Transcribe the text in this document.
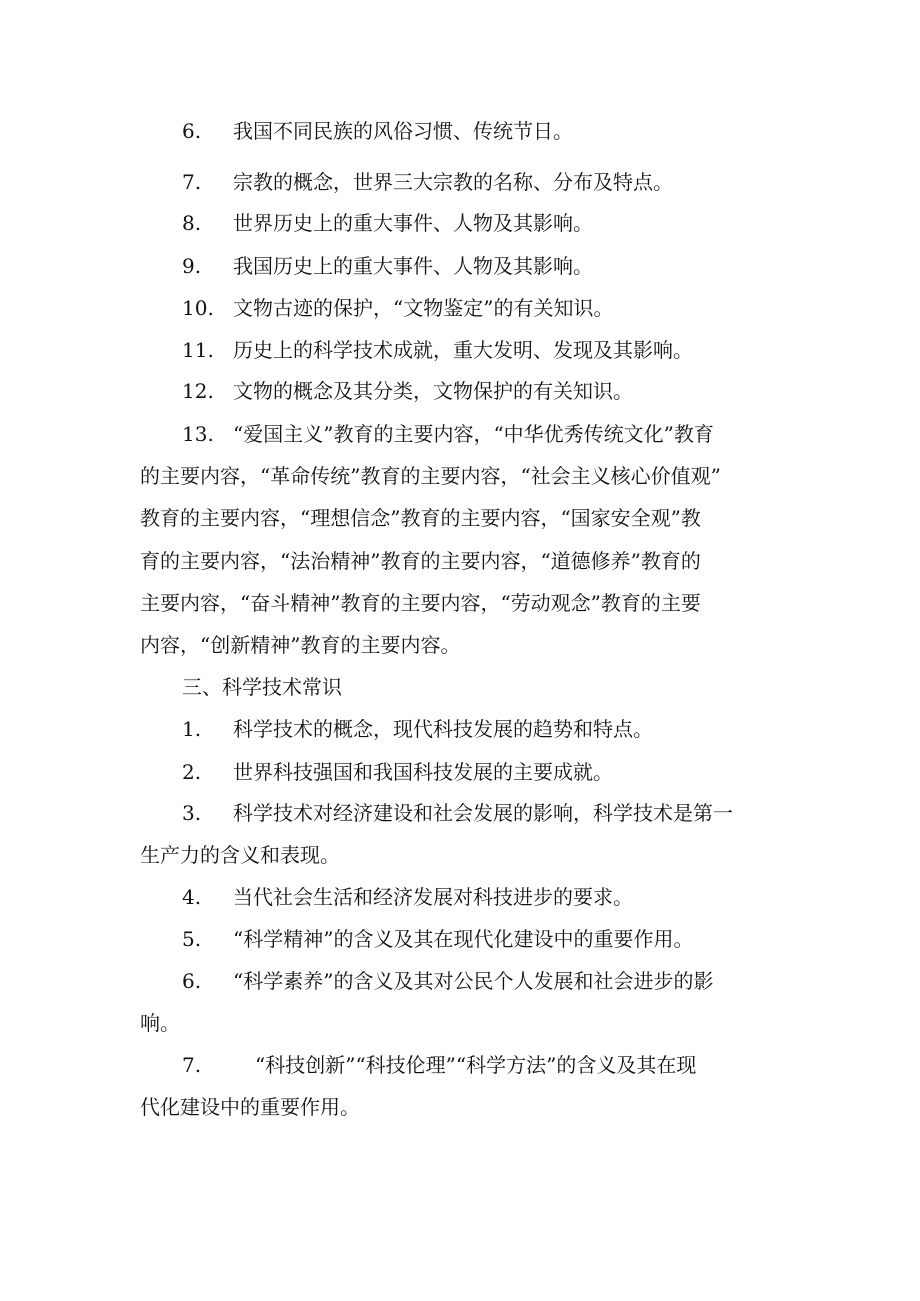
6. 我国不同民族的风俗习惯、传统节日。
7. 宗教的概念，世界三大宗教的名称、分布及特点。
8. 世界历史上的重大事件、人物及其影响。
9. 我国历史上的重大事件、人物及其影响。
10. 文物古迹的保护，“文物鉴定”的有关知识。
11. 历史上的科学技术成就，重大发明、发现及其影响。
12. 文物的概念及其分类，文物保护的有关知识。
13. “爱国主义”教育的主要内容，“中华优秀传统文化”教育
的主要内容，“革命传统”教育的主要内容，“社会主义核心价值观”
教育的主要内容，“理想信念”教育的主要内容，“国家安全观”教
育的主要内容，“法治精神”教育的主要内容，“道德修养”教育的
主要内容，“奋斗精神”教育的主要内容，“劳动观念”教育的主要
内容，“创新精神”教育的主要内容。
三、科学技术常识
1. 科学技术的概念，现代科技发展的趋势和特点。
2. 世界科技强国和我国科技发展的主要成就。
3. 科学技术对经济建设和社会发展的影响，科学技术是第一
生产力的含义和表现。
4. 当代社会生活和经济发展对科技进步的要求。
5. “科学精神”的含义及其在现代化建设中的重要作用。
6. “科学素养”的含义及其对公民个人发展和社会进步的影
响。
7.	“科技创新”“科技伦理”“科学方法”的含义及其在现
代化建设中的重要作用。
